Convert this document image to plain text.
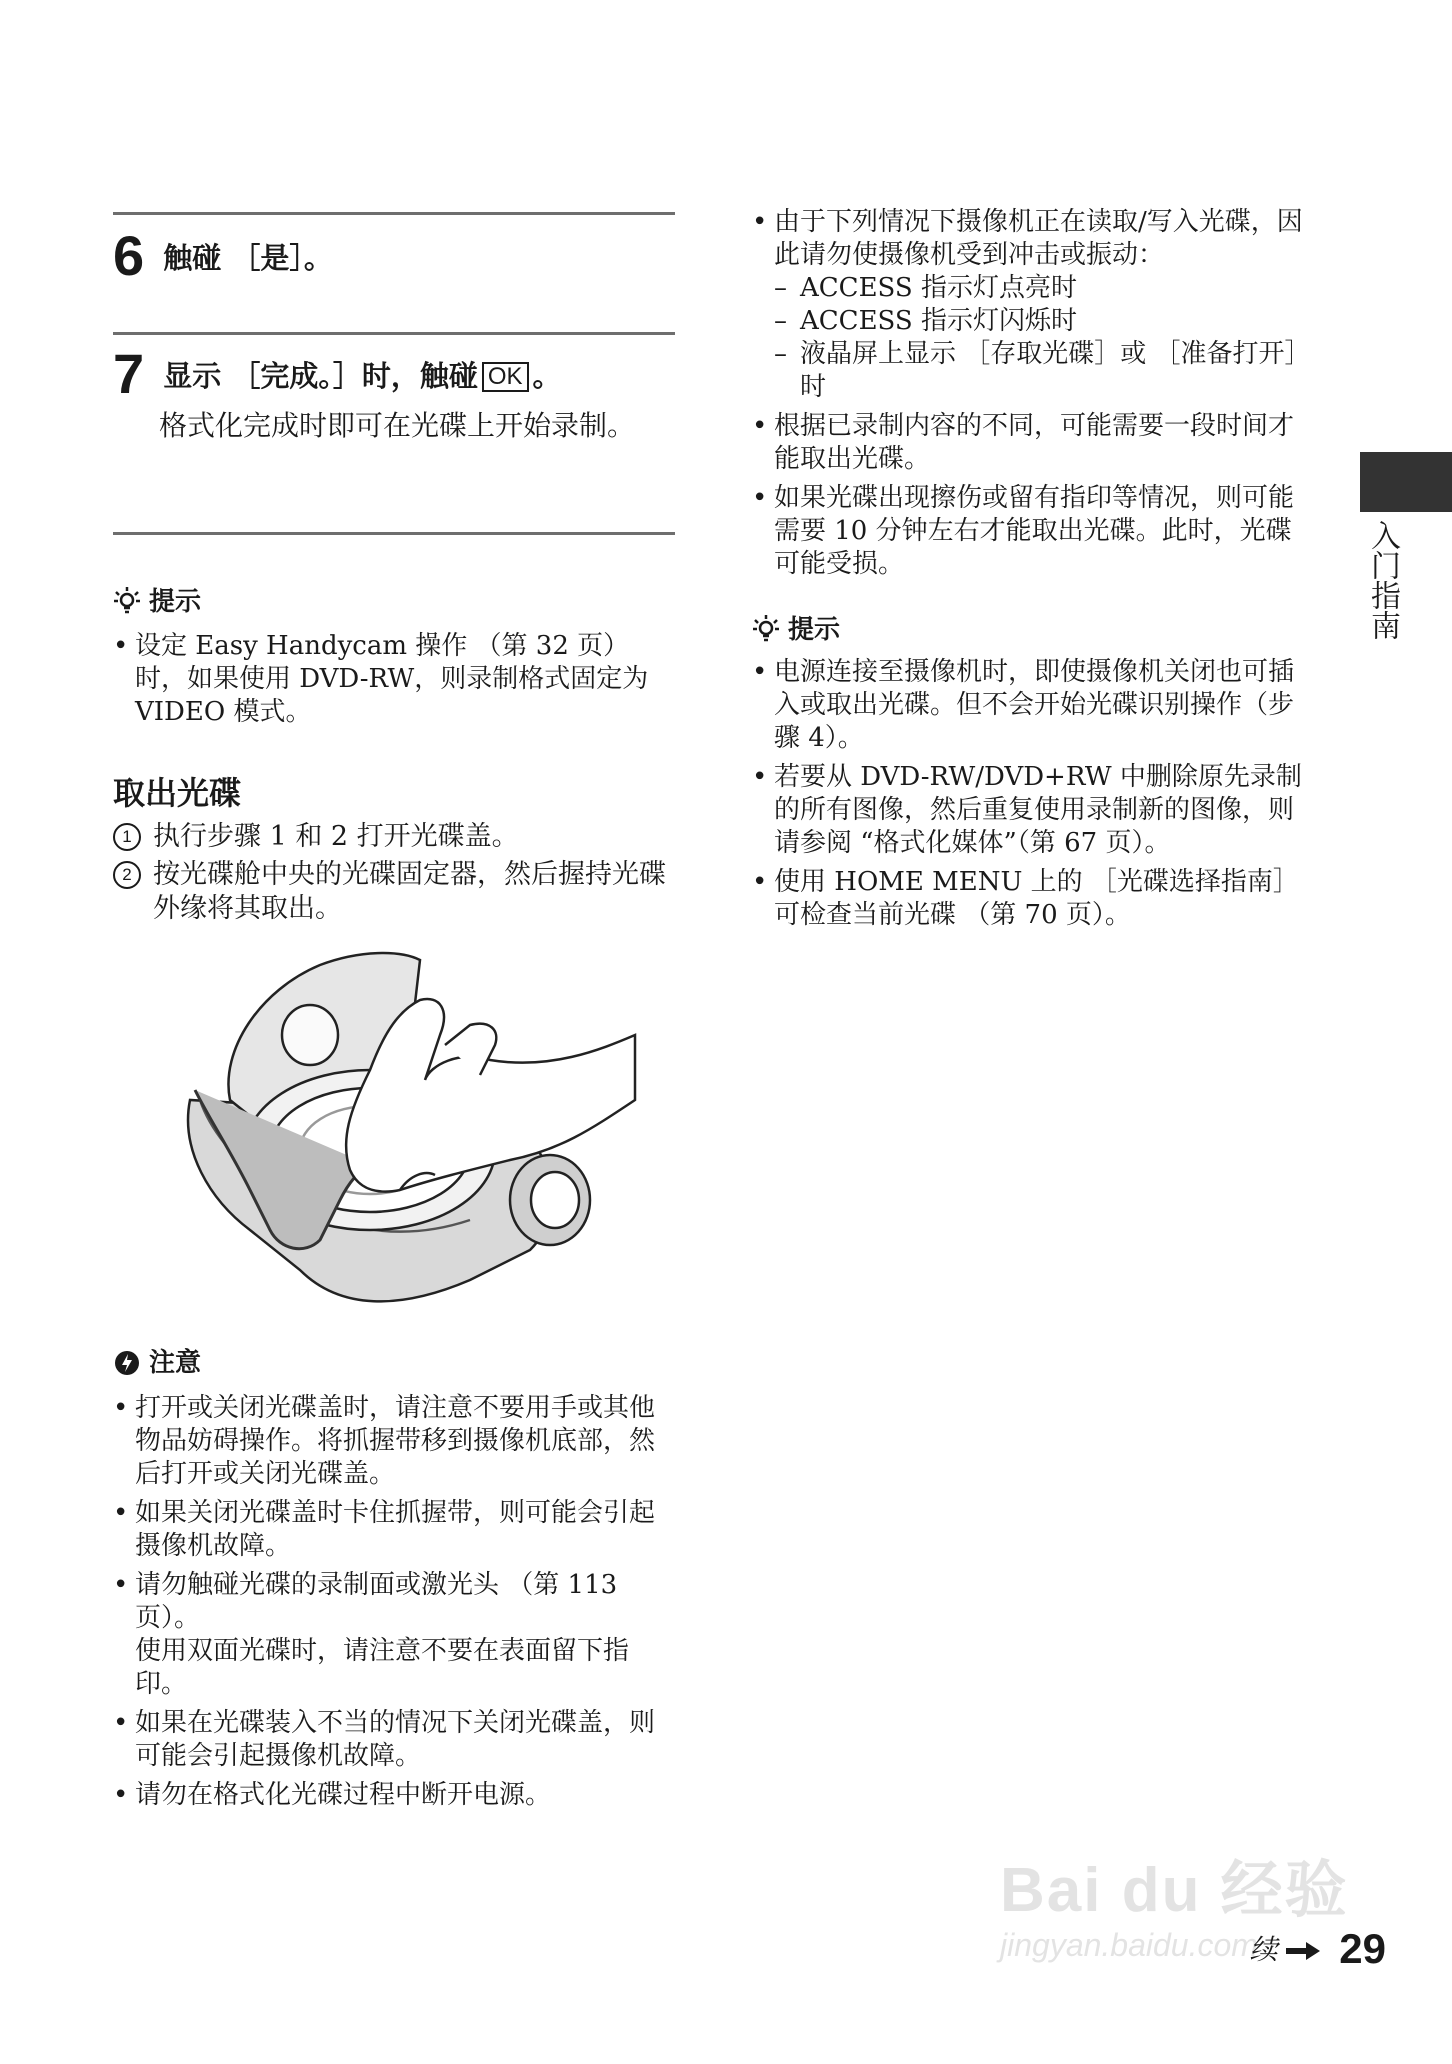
6 触碰 ［是］。
7 显示 ［完成。］时，触碰 OK 。
格式化完成时即可在光碟上开始录制。
提示
• 设定 Easy Handycam 操作 （第 32 页）时，如果使用 DVD-RW，则录制格式固定为 VIDEO 模式。
取出光碟
1 执行步骤 1 和 2 打开光碟盖。
2 按光碟舱中央的光碟固定器，然后握持光碟外缘将其取出。
注意
• 打开或关闭光碟盖时，请注意不要用手或其他物品妨碍操作。将抓握带移到摄像机底部，然后打开或关闭光碟盖。
• 如果关闭光碟盖时卡住抓握带，则可能会引起摄像机故障。
• 请勿触碰光碟的录制面或激光头 （第 113 页）。
使用双面光碟时，请注意不要在表面留下指印。
• 如果在光碟装入不当的情况下关闭光碟盖，则可能会引起摄像机故障。
• 请勿在格式化光碟过程中断开电源。
• 由于下列情况下摄像机正在读取/写入光碟，因此请勿使摄像机受到冲击或振动：
– ACCESS 指示灯点亮时
– ACCESS 指示灯闪烁时
– 液晶屏上显示 ［存取光碟］或 ［准备打开］时
• 根据已录制内容的不同，可能需要一段时间才能取出光碟。
• 如果光碟出现擦伤或留有指印等情况，则可能需要 10 分钟左右才能取出光碟。此时，光碟可能受损。
提示
• 电源连接至摄像机时，即使摄像机关闭也可插入或取出光碟。但不会开始光碟识别操作（步骤 4）。
• 若要从 DVD-RW/DVD+RW 中删除原先录制的所有图像，然后重复使用录制新的图像，则请参阅 “格式化媒体”（第 67 页）。
• 使用 HOME MENU 上的 ［光碟选择指南］可检查当前光碟 （第 70 页）。
入门指南
Bai du 经验
jingyan.baidu.com
续 29
